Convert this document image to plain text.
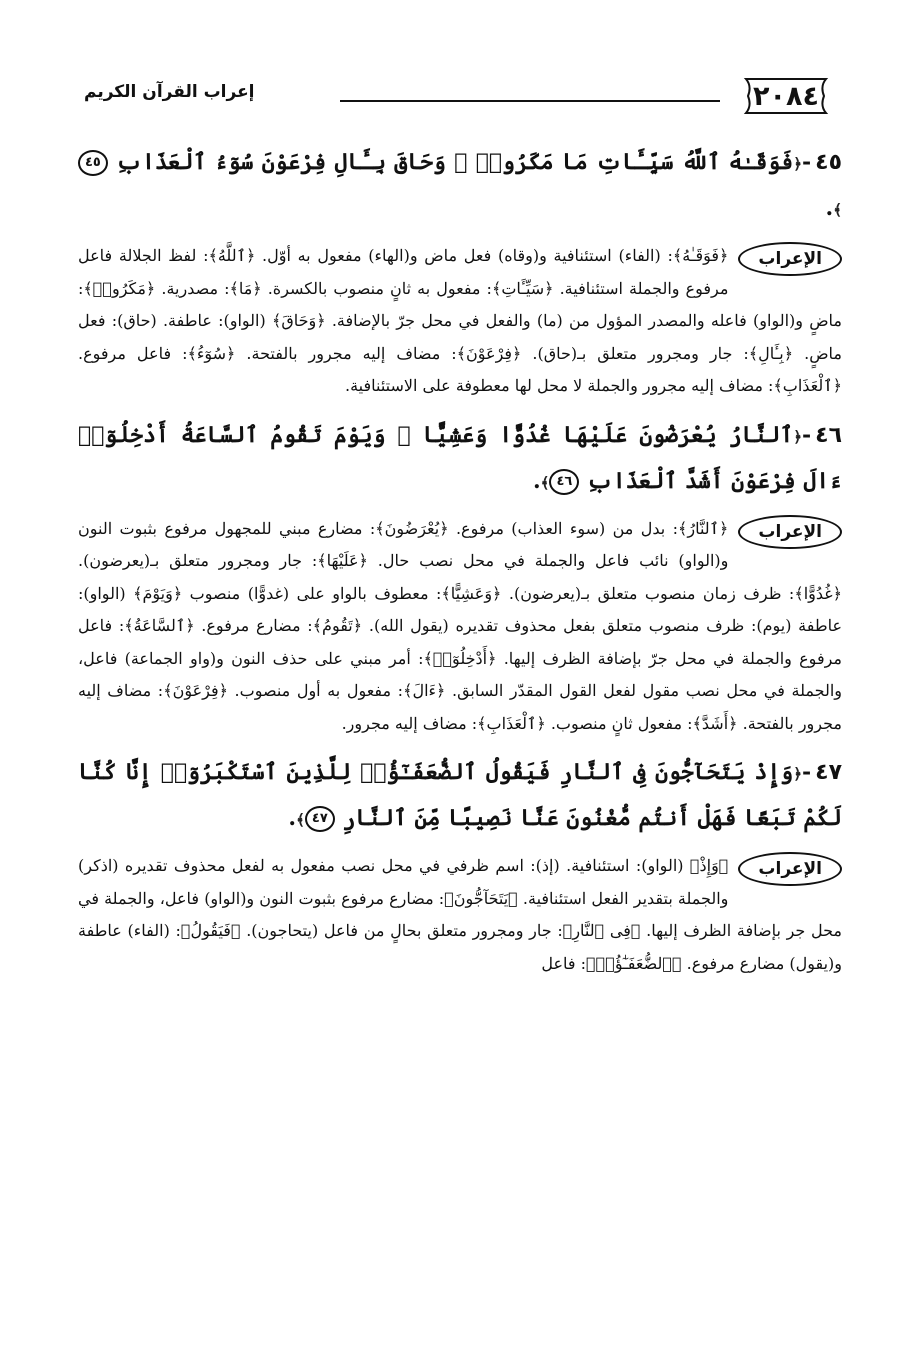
٢٠٨٤
إعراب القرآن الكريم
٤٥-﴿فَوَقَـٰهُ ٱللَّهُ سَيِّـَٔاتِ مَا مَكَرُوا۟ ۖ وَحَاقَ بِـَٔالِ فِرْعَوْنَ سُوٓءُ ٱلْعَذَابِ ٤٥﴾.
الإعراب
﴿فَوَقَـٰهُ﴾: (الفاء) استئنافية و(وقاه) فعل ماض و(الهاء) مفعول به أوّل. ﴿ٱللَّهُ﴾: لفظ الجلالة فاعل مرفوع والجملة استئنافية. ﴿سَيِّـَٔاتِ﴾: مفعول به ثانٍ منصوب بالكسرة. ﴿مَا﴾: مصدرية. ﴿مَكَرُوا۟﴾: ماضٍ و(الواو) فاعله والمصدر المؤول من (ما) والفعل في محل جرّ بالإضافة. ﴿وَحَاقَ﴾ (الواو): عاطفة. (حاق): فعل ماضٍ. ﴿بِـَٔالِ﴾: جار ومجرور متعلق بـ(حاق). ﴿فِرْعَوْنَ﴾: مضاف إليه مجرور بالفتحة. ﴿سُوٓءُ﴾: فاعل مرفوع. ﴿ٱلْعَذَابِ﴾: مضاف إليه مجرور والجملة لا محل لها معطوفة على الاستئنافية.
٤٦-﴿ٱلنَّارُ يُعْرَضُونَ عَلَيْهَا غُدُوًّا وَعَشِيًّا ۖ وَيَوْمَ تَقُومُ ٱلسَّاعَةُ أَدْخِلُوٓا۟ ءَالَ فِرْعَوْنَ أَشَدَّ ٱلْعَذَابِ ٤٦﴾.
الإعراب
﴿ٱلنَّارُ﴾: بدل من (سوء العذاب) مرفوع. ﴿يُعْرَضُونَ﴾: مضارع مبني للمجهول مرفوع بثبوت النون و(الواو) نائب فاعل والجملة في محل نصب حال. ﴿عَلَيْهَا﴾: جار ومجرور متعلق بـ(يعرضون). ﴿غُدُوًّا﴾: ظرف زمان منصوب متعلق بـ(يعرضون). ﴿وَعَشِيًّا﴾: معطوف بالواو على (غدوًّا) منصوب ﴿وَيَوْمَ﴾ (الواو): عاطفة (يوم): ظرف منصوب متعلق بفعل محذوف تقديره (يقول الله). ﴿تَقُومُ﴾: مضارع مرفوع. ﴿ٱلسَّاعَةُ﴾: فاعل مرفوع والجملة في محل جرّ بإضافة الظرف إليها. ﴿أَدْخِلُوٓا۟﴾: أمر مبني على حذف النون و(واو الجماعة) فاعل، والجملة في محل نصب مقول لفعل القول المقدّر السابق. ﴿ءَالَ﴾: مفعول به أول منصوب. ﴿فِرْعَوْنَ﴾: مضاف إليه مجرور بالفتحة. ﴿أَشَدَّ﴾: مفعول ثانٍ منصوب. ﴿ٱلْعَذَابِ﴾: مضاف إليه مجرور.
٤٧-﴿وَإِذْ يَتَحَآجُّونَ فِى ٱلنَّارِ فَيَقُولُ ٱلضُّعَفَـٰٓؤُا۟ لِلَّذِينَ ٱسْتَكْبَرُوٓا۟ إِنَّا كُنَّا لَكُمْ تَبَعًا فَهَلْ أَنتُم مُّغْنُونَ عَنَّا نَصِيبًا مِّنَ ٱلنَّارِ ٤٧﴾.
الإعراب
﴿وَإِذْ﴾ (الواو): استئنافية. (إذ): اسم ظرفي في محل نصب مفعول به لفعل محذوف تقديره (اذكر) والجملة بتقدير الفعل استئنافية. ﴿يَتَحَآجُّونَ﴾: مضارع مرفوع بثبوت النون و(الواو) فاعل، والجملة في محل جر بإضافة الظرف إليها. ﴿فِى ٱلنَّارِ﴾: جار ومجرور متعلق بحالٍ من فاعل (يتحاجون). ﴿فَيَقُولُ﴾: (الفاء) عاطفة و(يقول) مضارع مرفوع. ﴿ٱلضُّعَفَـٰٓؤُا۟﴾: فاعل
